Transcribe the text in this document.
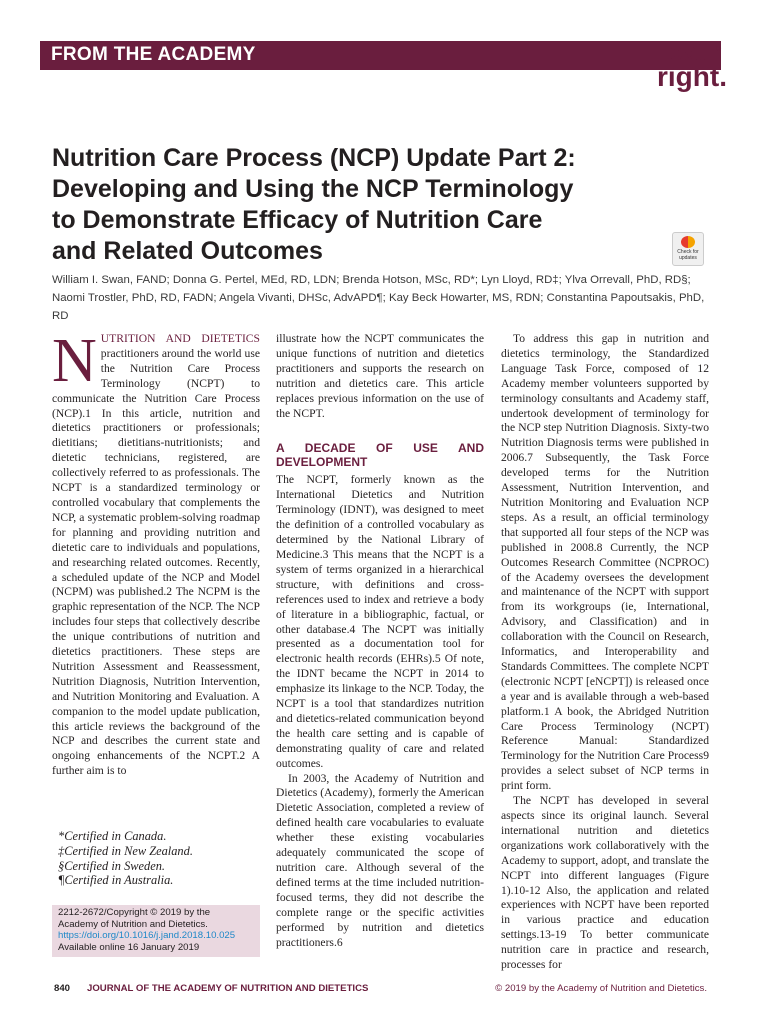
FROM THE ACADEMY	eat ®
right.
Nutrition Care Process (NCP) Update Part 2:
Developing and Using the NCP Terminology
to Demonstrate Efficacy of Nutrition Care
and Related Outcomes	Check for updates
William I. Swan, FAND; Donna G. Pertel, MEd, RD, LDN; Brenda Hotson, MSc, RD*; Lyn Lloyd, RD‡; Ylva Orrevall, PhD, RD§;
Naomi Trostler, PhD, RD, FADN; Angela Vivanti, DHSc, AdvAPD¶; Kay Beck Howarter, MS, RDN; Constantina Papoutsakis, PhD, RD

N UTRITION AND DIETETICS practitioners around the world use the Nutrition Care Process Terminology (NCPT) to communicate the Nutrition Care Process (NCP).1 In this article, nutrition and dietetics practitioners or professionals; dietitians; dietitians-nutritionists; and dietetic technicians, registered, are collectively referred to as professionals. The NCPT is a standardized terminology or controlled vocabulary that complements the NCP, a systematic problem-solving roadmap for planning and providing nutrition and dietetic care to individuals and populations, and researching related outcomes. Recently, a scheduled update of the NCP and Model (NCPM) was published.2 The NCPM is the graphic representation of the NCP. The NCP includes four steps that collectively describe the unique contributions of nutrition and dietetics practitioners. These steps are Nutrition Assessment and Reassessment, Nutrition Diagnosis, Nutrition Intervention, and Nutrition Monitoring and Evaluation. A companion to the model update publication, this article reviews the background of the NCP and describes the current state and ongoing enhancements of the NCPT.2 A further aim is to

illustrate how the NCPT communicates the unique functions of nutrition and dietetics practitioners and supports the research on nutrition and dietetics care. This article replaces previous information on the use of the NCPT.

A DECADE OF USE AND DEVELOPMENT

The NCPT, formerly known as the International Dietetics and Nutrition Terminology (IDNT), was designed to meet the definition of a controlled vocabulary as determined by the National Library of Medicine.3 This means that the NCPT is a system of terms organized in a hierarchical structure, with definitions and cross-references used to index and retrieve a body of literature in a bibliographic, factual, or other database.4 The NCPT was initially presented as a documentation tool for electronic health records (EHRs).5 Of note, the IDNT became the NCPT in 2014 to emphasize its linkage to the NCP. Today, the NCPT is a tool that standardizes nutrition and dietetics-related communication beyond the health care setting and is capable of demonstrating quality of care and related outcomes.

In 2003, the Academy of Nutrition and Dietetics (Academy), formerly the American Dietetic Association, completed a review of defined health care vocabularies to evaluate whether these existing vocabularies adequately communicated the scope of nutrition care. Although several of the defined terms at the time included nutrition-focused terms, they did not describe the complete range or the specific activities performed by nutrition and dietetics practitioners.6

To address this gap in nutrition and dietetics terminology, the Standardized Language Task Force, composed of 12 Academy member volunteers supported by terminology consultants and Academy staff, undertook development of terminology for the NCP step Nutrition Diagnosis. Sixty-two Nutrition Diagnosis terms were published in 2006.7 Subsequently, the Task Force developed terms for the Nutrition Assessment, Nutrition Intervention, and Nutrition Monitoring and Evaluation NCP steps. As a result, an official terminology that supported all four steps of the NCP was published in 2008.8 Currently, the NCP Outcomes Research Committee (NCPROC) of the Academy oversees the development and maintenance of the NCPT with support from its workgroups (ie, International, Advisory, and Classification) and in collaboration with the Council on Research, Informatics, and Interoperability and Standards Committees. The complete NCPT (electronic NCPT [eNCPT]) is released once a year and is available through a web-based platform.1 A book, the Abridged Nutrition Care Process Terminology (NCPT) Reference Manual: Standardized Terminology for the Nutrition Care Process9 provides a select subset of NCP terms in print form.

The NCPT has developed in several aspects since its original launch. Several international nutrition and dietetics organizations work collaboratively with the Academy to support, adopt, and translate the NCPT into different languages (Figure 1).10-12 Also, the application and related experiences with NCPT have been reported in various practice and education settings.13-19 To better communicate nutrition care in practice and research, processes for

*Certified in Canada.
‡Certified in New Zealand.
§Certified in Sweden.
¶Certified in Australia.
2212-2672/Copyright © 2019 by the
Academy of Nutrition and Dietetics.
https://doi.org/10.1016/j.jand.2018.10.025
Available online 16 January 2019
840 JOURNAL OF THE ACADEMY OF NUTRITION AND DIETETICS	© 2019 by the Academy of Nutrition and Dietetics.
